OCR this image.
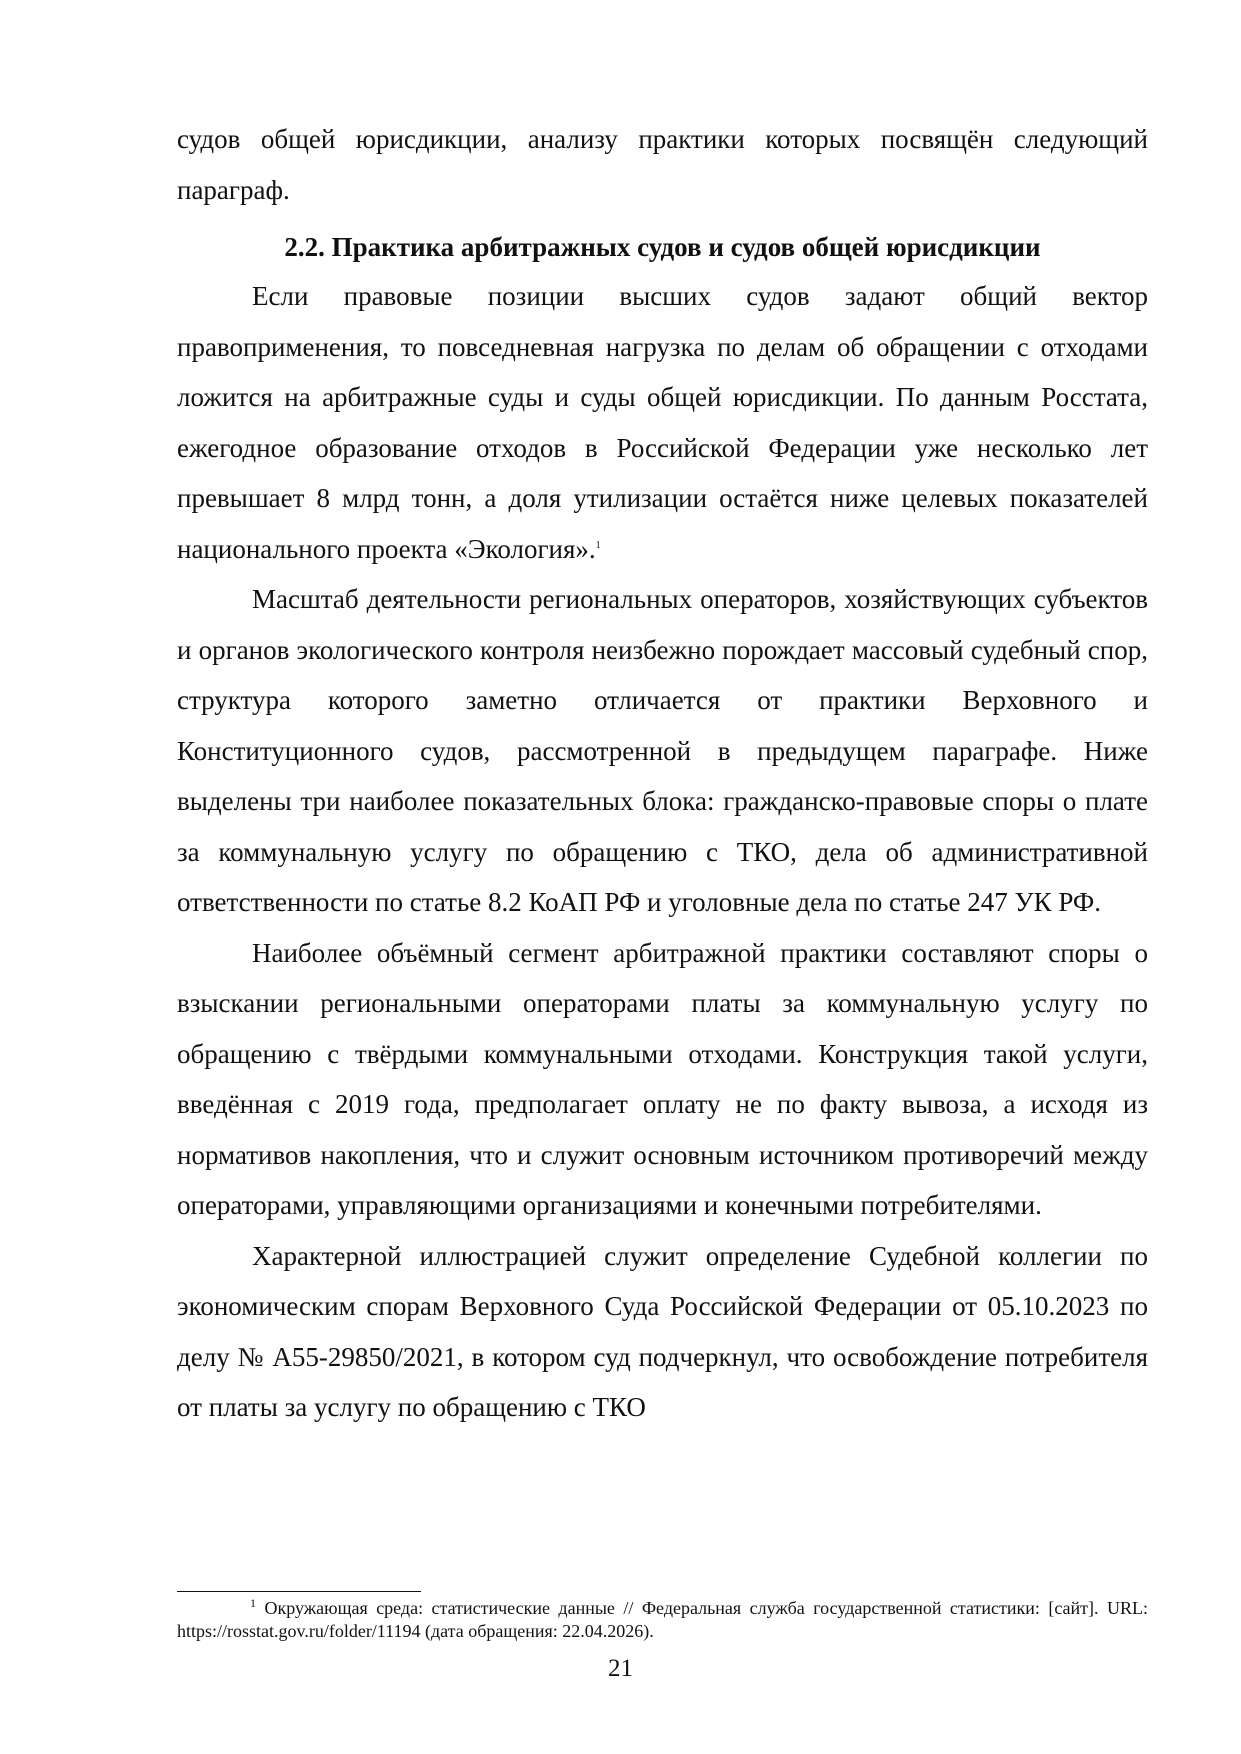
судов общей юрисдикции, анализу практики которых посвящён следующий параграф.

2.2. Практика арбитражных судов и судов общей юрисдикции

Если правовые позиции высших судов задают общий вектор правоприменения, то повседневная нагрузка по делам об обращении с отходами ложится на арбитражные суды и суды общей юрисдикции. По данным Росстата, ежегодное образование отходов в Российской Федерации уже несколько лет превышает 8 млрд тонн, а доля утилизации остаётся ниже целевых показателей национального проекта «Экология».$^1$

Масштаб деятельности региональных операторов, хозяйствующих субъектов и органов экологического контроля неизбежно порождает массовый судебный спор, структура которого заметно отличается от практики Верховного и Конституционного судов, рассмотренной в предыдущем параграфе. Ниже выделены три наиболее показательных блока: гражданско-правовые споры о плате за коммунальную услугу по обращению с ТКО, дела об административной ответственности по статье 8.2 КоАП РФ и уголовные дела по статье 247 УК РФ.

Наиболее объёмный сегмент арбитражной практики составляют споры о взыскании региональными операторами платы за коммунальную услугу по обращению с твёрдыми коммунальными отходами. Конструкция такой услуги, введённая с 2019 года, предполагает оплату не по факту вывоза, а исходя из нормативов накопления, что и служит основным источником противоречий между операторами, управляющими организациями и конечными потребителями.

Характерной иллюстрацией служит определение Судебной коллегии по экономическим спорам Верховного Суда Российской Федерации от 05.10.2023 по делу № А55-29850/2021, в котором суд подчеркнул, что освобождение потребителя от платы за услугу по обращению с ТКО

$^1$ Окружающая среда: статистические данные // Федеральная служба государственной статистики: [сайт]. URL: https://rosstat.gov.ru/folder/11194 (дата обращения: 22.04.2026).

21
